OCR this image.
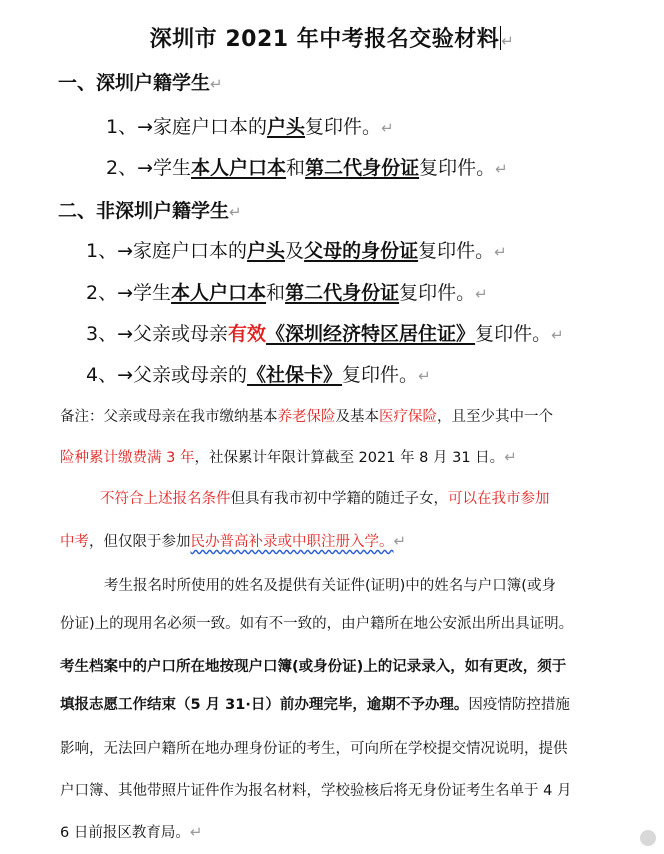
深圳市 2021 年中考报名交验材料 ↵
一、深圳户籍学生↵
1、→家庭户口本的户头复印件。↵
2、→学生本人户口本和第二代身份证复印件。↵
二、非深圳户籍学生↵
1、→家庭户口本的户头及父母的身份证复印件。↵
2、→学生本人户口本和第二代身份证复印件。↵
3、→父亲或母亲有效《深圳经济特区居住证》复印件。↵
4、→父亲或母亲的《社保卡》复印件。↵
备注：父亲或母亲在我市缴纳基本养老保险及基本医疗保险，且至少其中一个
险种累计缴费满 3 年，社保累计年限计算截至 2021 年 8 月 31 日。↵
不符合上述报名条件但具有我市初中学籍的随迁子女，可以在我市参加
中考，但仅限于参加民办普高补录或中职注册入学。↵
考生报名时所使用的姓名及提供有关证件(证明)中的姓名与户口簿(或身
份证)上的现用名必须一致。如有不一致的，由户籍所在地公安派出所出具证明。
考生档案中的户口所在地按现户口簿(或身份证)上的记录录入，如有更改，须于
填报志愿工作结束（5 月 31·日）前办理完毕，逾期不予办理。因疫情防控措施
影响，无法回户籍所在地办理身份证的考生，可向所在学校提交情况说明，提供
户口簿、其他带照片证件作为报名材料，学校验核后将无身份证考生名单于 4 月
6 日前报区教育局。↵
